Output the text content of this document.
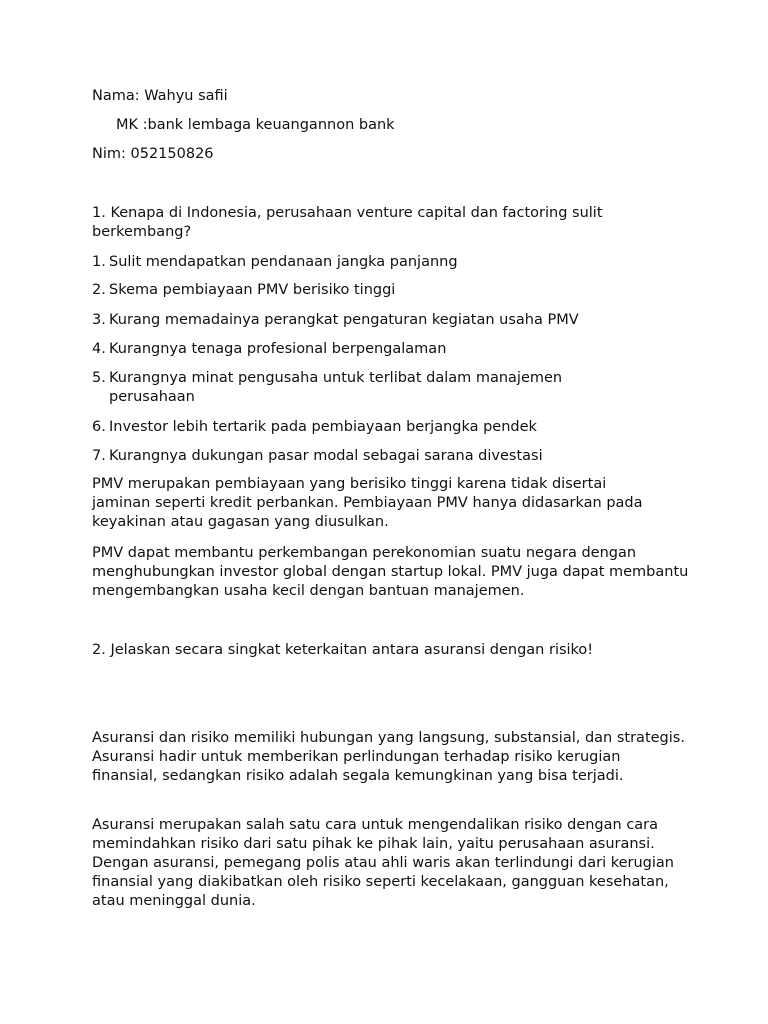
Nama: Wahyu safii
MK :bank lembaga keuangannon bank
Nim: 052150826
1. Kenapa di Indonesia, perusahaan venture capital dan factoring sulit berkembang?
1. Sulit mendapatkan pendanaan jangka panjanng
2. Skema pembiayaan PMV berisiko tinggi
3. Kurang memadainya perangkat pengaturan kegiatan usaha PMV
4. Kurangnya tenaga profesional berpengalaman
5. Kurangnya minat pengusaha untuk terlibat dalam manajemen perusahaan
6. Investor lebih tertarik pada pembiayaan berjangka pendek
7. Kurangnya dukungan pasar modal sebagai sarana divestasi
PMV merupakan pembiayaan yang berisiko tinggi karena tidak disertai jaminan seperti kredit perbankan. Pembiayaan PMV hanya didasarkan pada keyakinan atau gagasan yang diusulkan.
PMV dapat membantu perkembangan perekonomian suatu negara dengan menghubungkan investor global dengan startup lokal. PMV juga dapat membantu mengembangkan usaha kecil dengan bantuan manajemen.
2. Jelaskan secara singkat keterkaitan antara asuransi dengan risiko!
Asuransi dan risiko memiliki hubungan yang langsung, substansial, dan strategis. Asuransi hadir untuk memberikan perlindungan terhadap risiko kerugian finansial, sedangkan risiko adalah segala kemungkinan yang bisa terjadi.
Asuransi merupakan salah satu cara untuk mengendalikan risiko dengan cara memindahkan risiko dari satu pihak ke pihak lain, yaitu perusahaan asuransi. Dengan asuransi, pemegang polis atau ahli waris akan terlindungi dari kerugian finansial yang diakibatkan oleh risiko seperti kecelakaan, gangguan kesehatan, atau meninggal dunia.
